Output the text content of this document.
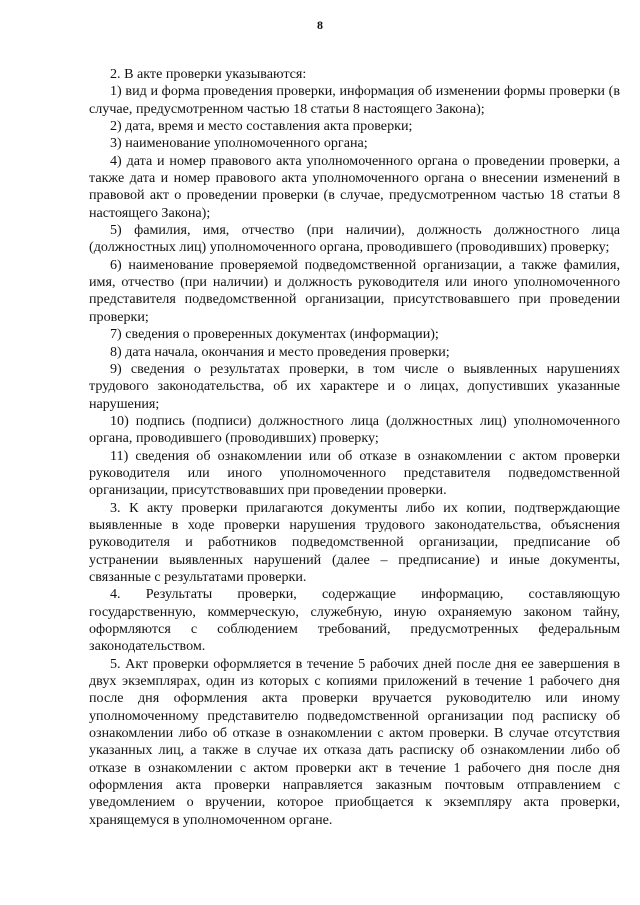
8

2. В акте проверки указываются:

1) вид и форма проведения проверки, информация об изменении формы проверки (в случае, предусмотренном частью 18 статьи 8 настоящего Закона);

2) дата, время и место составления акта проверки;

3) наименование уполномоченного органа;

4) дата и номер правового акта уполномоченного органа о проведении проверки, а также дата и номер правового акта уполномоченного органа о внесении изменений в правовой акт о проведении проверки (в случае, предусмотренном частью 18 статьи 8 настоящего Закона);

5) фамилия, имя, отчество (при наличии), должность должностного лица (должностных лиц) уполномоченного органа, проводившего (проводивших) проверку;

6) наименование проверяемой подведомственной организации, а также фамилия, имя, отчество (при наличии) и должность руководителя или иного уполномоченного представителя подведомственной организации, присутствовавшего при проведении проверки;

7) сведения о проверенных документах (информации);

8) дата начала, окончания и место проведения проверки;

9) сведения о результатах проверки, в том числе о выявленных нарушениях трудового законодательства, об их характере и о лицах, допустивших указанные нарушения;

10) подпись (подписи) должностного лица (должностных лиц) уполномоченного органа, проводившего (проводивших) проверку;

11) сведения об ознакомлении или об отказе в ознакомлении с актом проверки руководителя или иного уполномоченного представителя подведомственной организации, присутствовавших при проведении проверки.

3. К акту проверки прилагаются документы либо их копии, подтверждающие выявленные в ходе проверки нарушения трудового законодательства, объяснения руководителя и работников подведомственной организации, предписание об устранении выявленных нарушений (далее – предписание) и иные документы, связанные с результатами проверки.

4. Результаты проверки, содержащие информацию, составляющую государственную, коммерческую, служебную, иную охраняемую законом тайну, оформляются с соблюдением требований, предусмотренных федеральным законодательством.

5. Акт проверки оформляется в течение 5 рабочих дней после дня ее завершения в двух экземплярах, один из которых с копиями приложений в течение 1 рабочего дня после дня оформления акта проверки вручается руководителю или иному уполномоченному представителю подведомственной организации под расписку об ознакомлении либо об отказе в ознакомлении с актом проверки. В случае отсутствия указанных лиц, а также в случае их отказа дать расписку об ознакомлении либо об отказе в ознакомлении с актом проверки акт в течение 1 рабочего дня после дня оформления акта проверки направляется заказным почтовым отправлением с уведомлением о вручении, которое приобщается к экземпляру акта проверки, хранящемуся в уполномоченном органе.
